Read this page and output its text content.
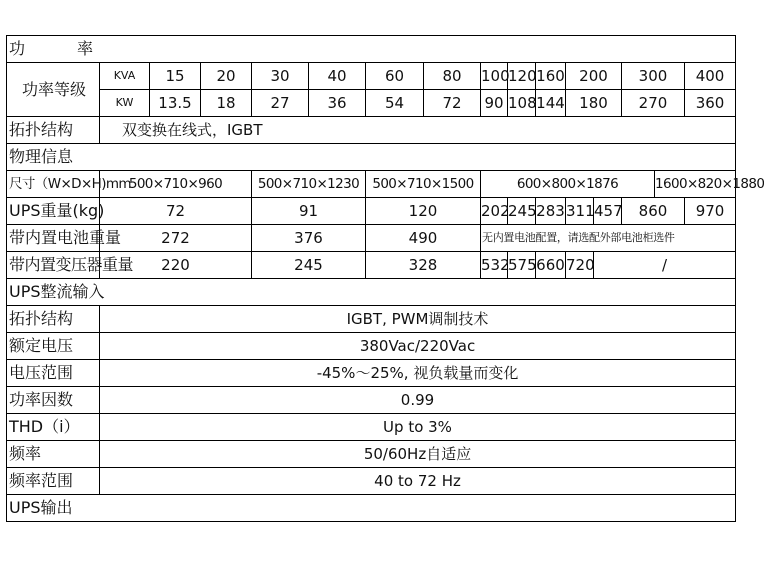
功　率															
功率等级	KVA	15	20	30	40	60	80	100	120	160	200		300		400
	KW	13.5	18	27	36	54	72	90	108	144	180		270		360
拓扑结构	双变换在线式，IGBT														
物理信息															
尺寸（W×D×H)mm	500×710×960			500×710×1230		500×710×1500		600×800×1876						1600×820×1880	
UPS重量(kg)	72			91		120		202	245	283	311	457	860		970
带内置电池重量	272			376		490		无内置电池配置，请选配外部电池柜选件							
带内置变压器重量	220			245		328		532	575	660	720	/			
UPS整流输入															
拓扑结构	IGBT, PWM调制技术														
额定电压	380Vac/220Vac														
电压范围	-45%～25%, 视负载量而变化														
功率因数	0.99														
THD（i）	Up to 3%														
频率	50/60Hz自适应														
频率范围	40 to 72 Hz														
UPS输出															
